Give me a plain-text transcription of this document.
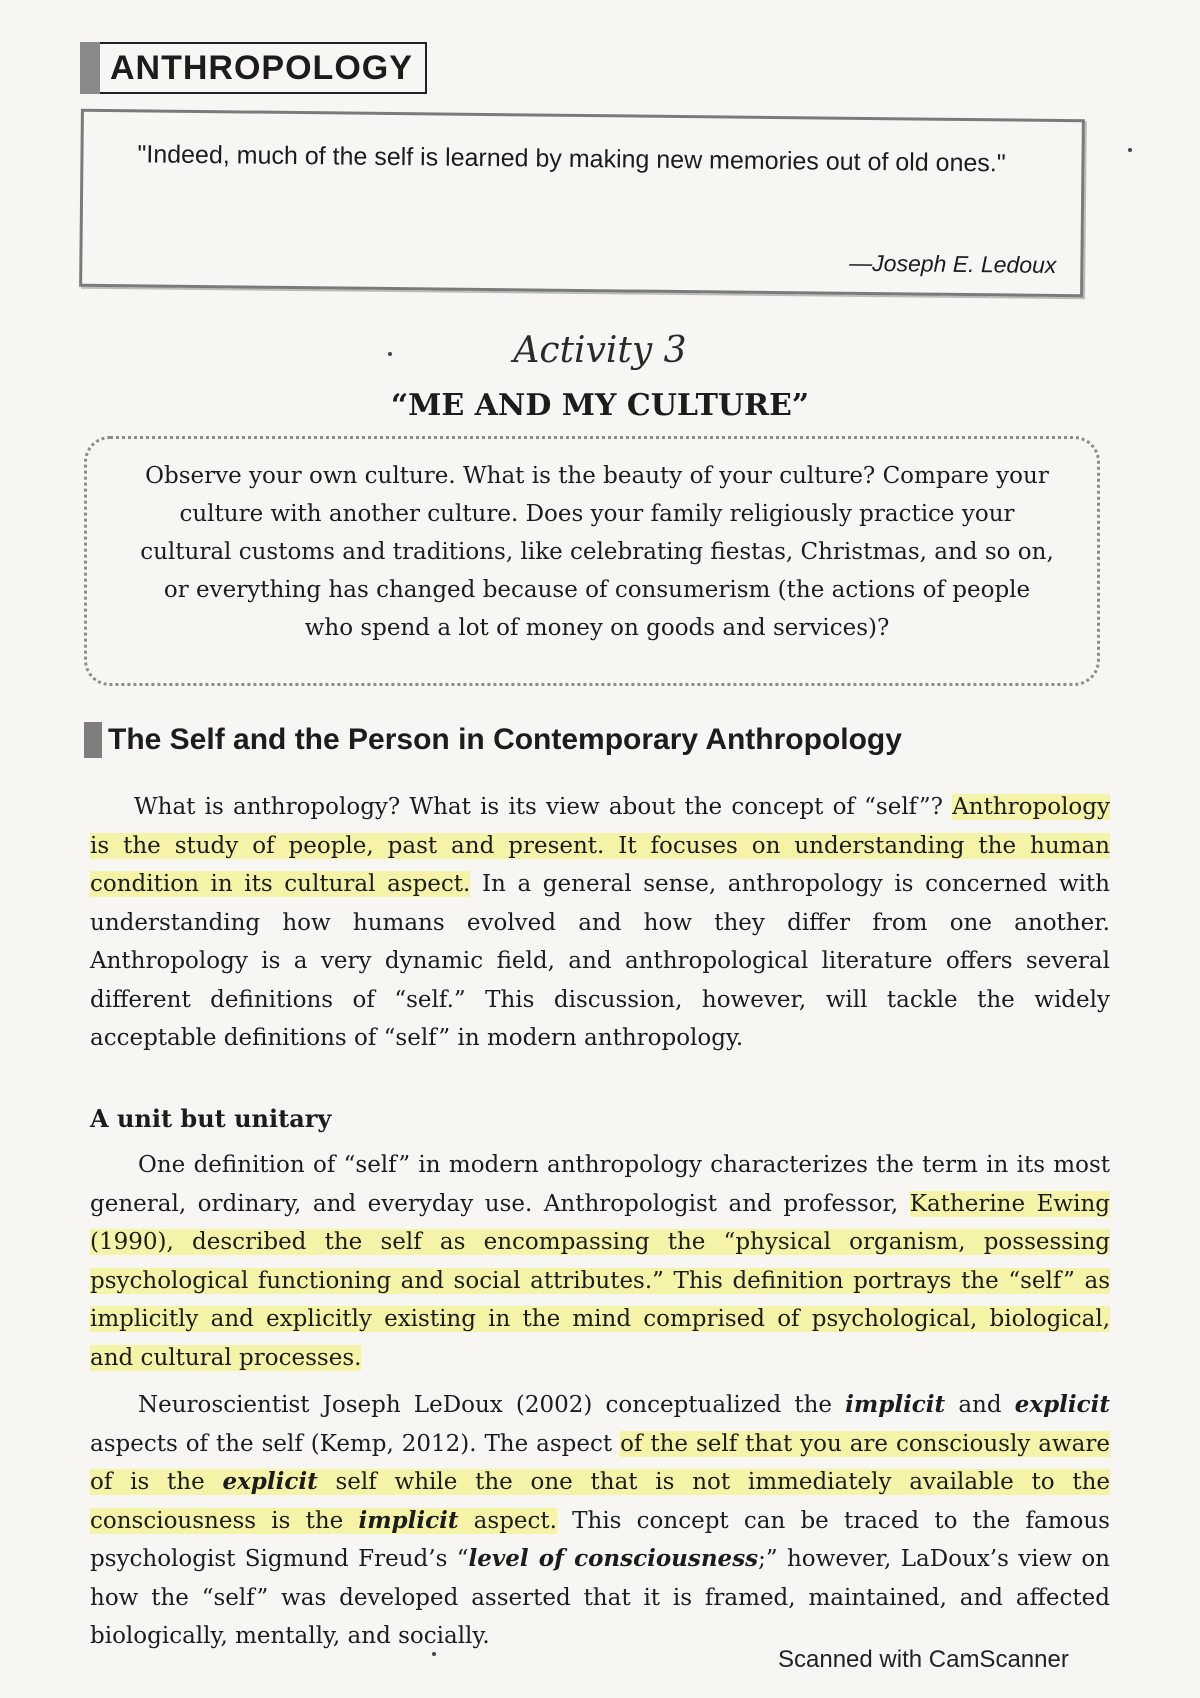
ANTHROPOLOGY
"Indeed, much of the self is learned by making new memories out of old ones."
—Joseph E. Ledoux
Activity 3
“ME AND MY CULTURE”
Observe your own culture. What is the beauty of your culture? Compare your culture with another culture. Does your family religiously practice your cultural customs and traditions, like celebrating fiestas, Christmas, and so on, or everything has changed because of consumerism (the actions of people who spend a lot of money on goods and services)?
The Self and the Person in Contemporary Anthropology
What is anthropology? What is its view about the concept of “self”? Anthropology is the study of people, past and present. It focuses on understanding the human condition in its cultural aspect. In a general sense, anthropology is concerned with understanding how humans evolved and how they differ from one another. Anthropology is a very dynamic field, and anthropological literature offers several different definitions of “self.” This discussion, however, will tackle the widely acceptable definitions of “self” in modern anthropology.
A unit but unitary
One definition of “self” in modern anthropology characterizes the term in its most general, ordinary, and everyday use. Anthropologist and professor, Katherine Ewing (1990), described the self as encompassing the “physical organism, possessing psychological functioning and social attributes.” This definition portrays the “self” as implicitly and explicitly existing in the mind comprised of psychological, biological, and cultural processes.
Neuroscientist Joseph LeDoux (2002) conceptualized the implicit and explicit aspects of the self (Kemp, 2012). The aspect of the self that you are consciously aware of is the explicit self while the one that is not immediately available to the consciousness is the implicit aspect. This concept can be traced to the famous psychologist Sigmund Freud’s “level of consciousness;” however, LaDoux’s view on how the “self” was developed asserted that it is framed, maintained, and affected biologically, mentally, and socially.
Scanned with CamScanner
